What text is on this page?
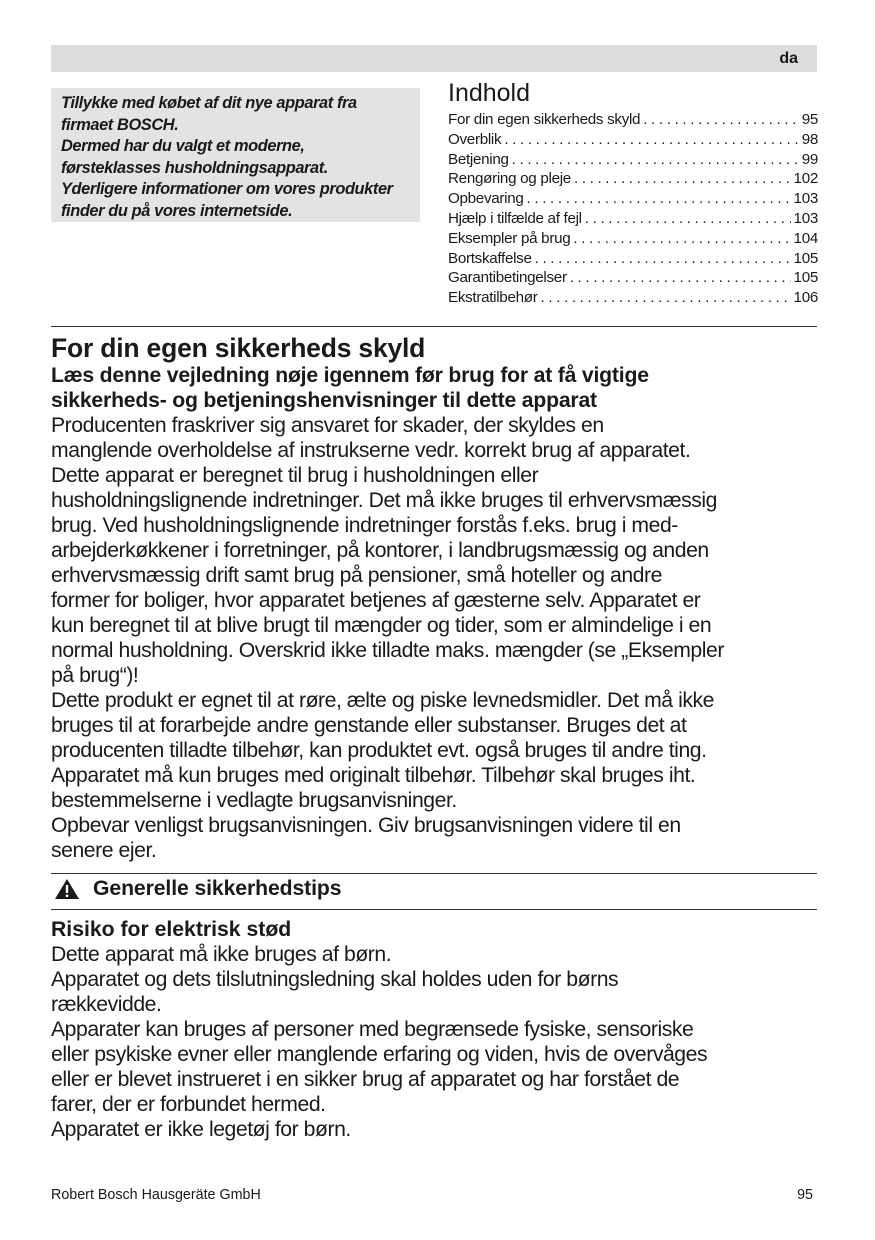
da

Tillykke med købet af dit nye apparat fra

firmaet BOSCH.

Dermed har du valgt et moderne,

førsteklasses husholdningsapparat.

Yderligere informationer om vores produkter

finder du på vores internetside.

Indhold
For din egen sikkerheds skyld . . .	95
Overblik . . .	98
Betjening . . .	99
Rengøring og pleje . . .	102
Opbevaring . . .	103
Hjælp i tilfælde af fejl . . .	103
Eksempler på brug . . .	104
Bortskaffelse . . .	105
Garantibetingelser . . .	105
Ekstratilbehør . . .	106
For din egen sikkerheds skyld

Læs denne vejledning nøje igennem før brug for at få vigtige

sikkerheds- og betjeningshenvisninger til dette apparat

Producenten fraskriver sig ansvaret for skader, der skyldes en

manglende overholdelse af instrukserne vedr. korrekt brug af apparatet.

Dette apparat er beregnet til brug i husholdningen eller

husholdningslignende indretninger. Det må ikke bruges til erhvervsmæssig

brug. Ved husholdningslignende indretninger forstås f.eks. brug i med-

arbejderkøkkener i forretninger, på kontorer, i landbrugsmæssig og anden

erhvervsmæssig drift samt brug på pensioner, små hoteller og andre

former for boliger, hvor apparatet betjenes af gæsterne selv. Apparatet er

kun beregnet til at blive brugt til mængder og tider, som er almindelige i en

normal husholdning. Overskrid ikke tilladte maks. mængder (se „Eksempler

på brug“)!

Dette produkt er egnet til at røre, ælte og piske levnedsmidler. Det må ikke

bruges til at forarbejde andre genstande eller substanser. Bruges det at

producenten tilladte tilbehør, kan produktet evt. også bruges til andre ting.

Apparatet må kun bruges med originalt tilbehør. Tilbehør skal bruges iht.

bestemmelserne i vedlagte brugsanvisninger.

Opbevar venligst brugsanvisningen. Giv brugsanvisningen videre til en

senere ejer.

Generelle sikkerhedstips

Risiko for elektrisk stød

Dette apparat må ikke bruges af børn.

Apparatet og dets tilslutningsledning skal holdes uden for børns

rækkevidde.

Apparater kan bruges af personer med begrænsede fysiske, sensoriske

eller psykiske evner eller manglende erfaring og viden, hvis de overvåges

eller er blevet instrueret i en sikker brug af apparatet og har forstået de

farer, der er forbundet hermed.

Apparatet er ikke legetøj for børn.

Robert Bosch Hausgeräte GmbH	95
